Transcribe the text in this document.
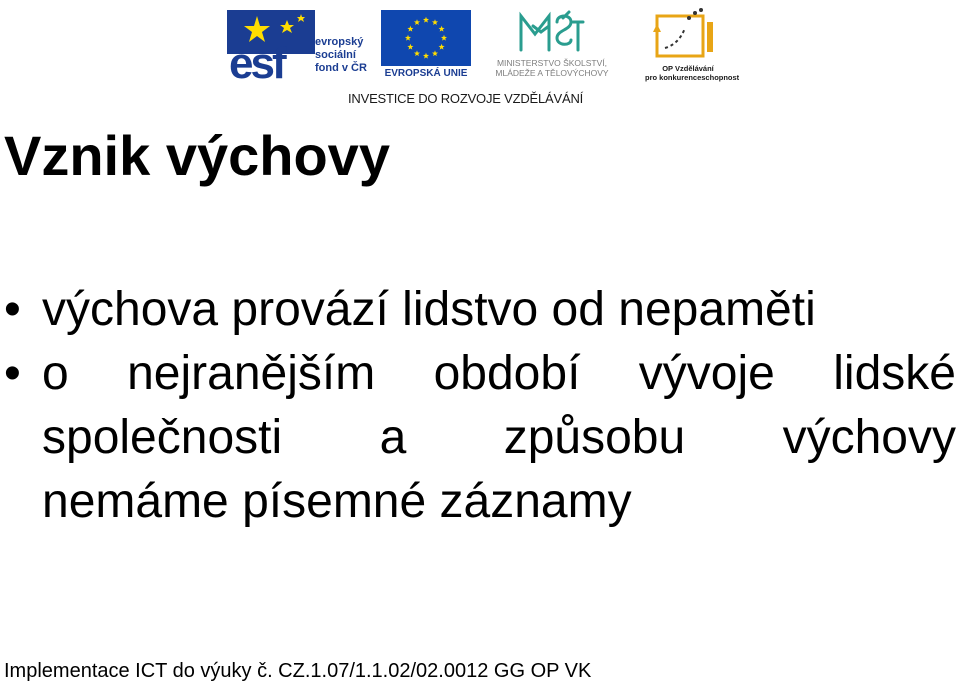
esf	evropský
sociální
fond v ČR	EVROPSKÁ UNIE
MINISTERSTVO ŠKOLSTVÍ,
MLÁDEŽE A TĚLOVÝCHOVY	OP Vzdělávání
pro konkurenceschopnost
INVESTICE DO ROZVOJE VZDĚLÁVÁNÍ
Vznik výchovy
• výchova provází lidstvo od nepaměti
• o nejranějším období vývoje lidské
společnosti a způsobu výchovy
nemáme písemné záznamy
Implementace ICT do výuky č. CZ.1.07/1.1.02/02.0012 GG OP VK
